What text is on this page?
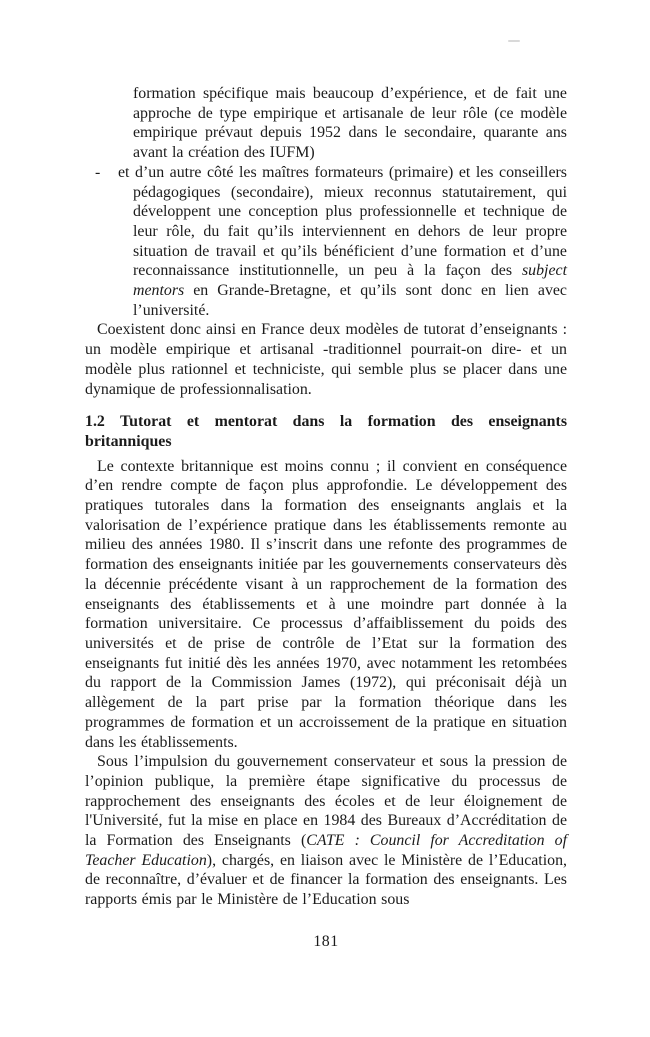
formation spécifique mais beaucoup d’expérience, et de fait une approche de type empirique et artisanale de leur rôle (ce modèle empirique prévaut depuis 1952 dans le secondaire, quarante ans avant la création des IUFM)
- et d’un autre côté les maîtres formateurs (primaire) et les conseillers pédagogiques (secondaire), mieux reconnus statutairement, qui développent une conception plus professionnelle et technique de leur rôle, du fait qu’ils interviennent en dehors de leur propre situation de travail et qu’ils bénéficient d’une formation et d’une reconnaissance institutionnelle, un peu à la façon des subject mentors en Grande-Bretagne, et qu’ils sont donc en lien avec l’université.

Coexistent donc ainsi en France deux modèles de tutorat d’enseignants : un modèle empirique et artisanal -traditionnel pourrait-on dire- et un modèle plus rationnel et techniciste, qui semble plus se placer dans une dynamique de professionnalisation.

1.2 Tutorat et mentorat dans la formation des enseignants britanniques

Le contexte britannique est moins connu ; il convient en conséquence d’en rendre compte de façon plus approfondie. Le développement des pratiques tutorales dans la formation des enseignants anglais et la valorisation de l’expérience pratique dans les établissements remonte au milieu des années 1980. Il s’inscrit dans une refonte des programmes de formation des enseignants initiée par les gouvernements conservateurs dès la décennie précédente visant à un rapprochement de la formation des enseignants des établissements et à une moindre part donnée à la formation universitaire. Ce processus d’affaiblissement du poids des universités et de prise de contrôle de l’Etat sur la formation des enseignants fut initié dès les années 1970, avec notamment les retombées du rapport de la Commission James (1972), qui préconisait déjà un allègement de la part prise par la formation théorique dans les programmes de formation et un accroissement de la pratique en situation dans les établissements.

Sous l’impulsion du gouvernement conservateur et sous la pression de l’opinion publique, la première étape significative du processus de rapprochement des enseignants des écoles et de leur éloignement de l'Université, fut la mise en place en 1984 des Bureaux d’Accréditation de la Formation des Enseignants (CATE : Council for Accreditation of Teacher Education), chargés, en liaison avec le Ministère de l’Education, de reconnaître, d’évaluer et de financer la formation des enseignants. Les rapports émis par le Ministère de l’Education sous

181
